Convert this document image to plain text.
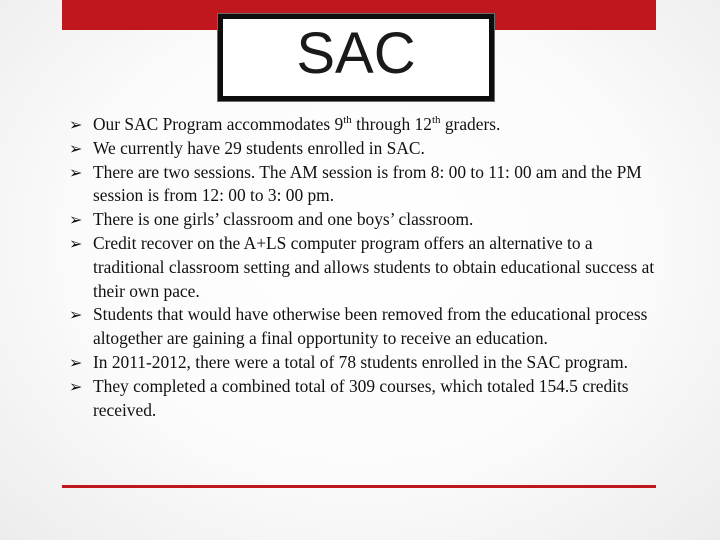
SAC
➢ Our SAC Program accommodates 9th through 12th graders.
➢ We currently have 29 students enrolled in SAC.
➢ There are two sessions. The AM session is from 8: 00 to 11: 00 am and the PM session is from 12: 00 to 3: 00 pm.
➢ There is one girls’ classroom and one boys’ classroom.
➢ Credit recover on the A+LS computer program offers an alternative to a traditional classroom setting and allows students to obtain educational success at their own pace.
➢ Students that would have otherwise been removed from the educational process altogether are gaining a final opportunity to receive an education.
➢ In 2011-2012, there were a total of 78 students enrolled in the SAC program.
➢ They completed a combined total of 309 courses, which totaled 154.5 credits received.
